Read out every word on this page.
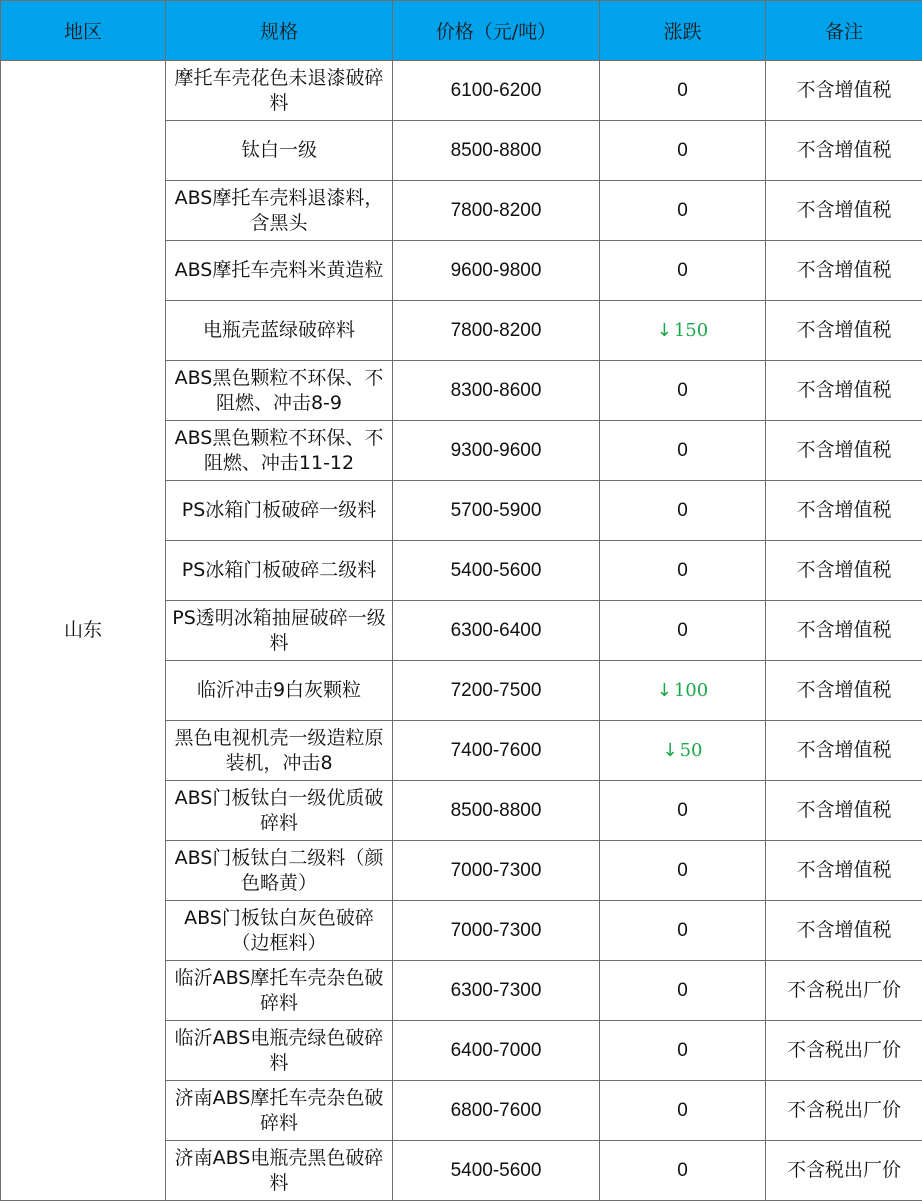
地区	规格	价格（元/吨）	涨跌	备注
山东	摩托车壳花色未退漆破碎料	6100-6200	0	不含增值税
	钛白一级	8500-8800	0	不含增值税
	ABS摩托车壳料退漆料，含黑头	7800-8200	0	不含增值税
	ABS摩托车壳料米黄造粒	9600-9800	0	不含增值税
	电瓶壳蓝绿破碎料	7800-8200	↓ 150	不含增值税
	ABS黑色颗粒不环保、不阻燃、冲击8-9	8300-8600	0	不含增值税
	ABS黑色颗粒不环保、不阻燃、冲击11-12	9300-9600	0	不含增值税
	PS冰箱门板破碎一级料	5700-5900	0	不含增值税
	PS冰箱门板破碎二级料	5400-5600	0	不含增值税
	PS透明冰箱抽屉破碎一级料	6300-6400	0	不含增值税
	临沂冲击9白灰颗粒	7200-7500	↓ 100	不含增值税
	黑色电视机壳一级造粒原装机，冲击8	7400-7600	↓ 50	不含增值税
	ABS门板钛白一级优质破碎料	8500-8800	0	不含增值税
	ABS门板钛白二级料（颜色略黄）	7000-7300	0	不含增值税
	ABS门板钛白灰色破碎（边框料）	7000-7300	0	不含增值税
	临沂ABS摩托车壳杂色破碎料	6300-7300	0	不含税出厂价
	临沂ABS电瓶壳绿色破碎料	6400-7000	0	不含税出厂价
	济南ABS摩托车壳杂色破碎料	6800-7600	0	不含税出厂价
	济南ABS电瓶壳黑色破碎料	5400-5600	0	不含税出厂价
